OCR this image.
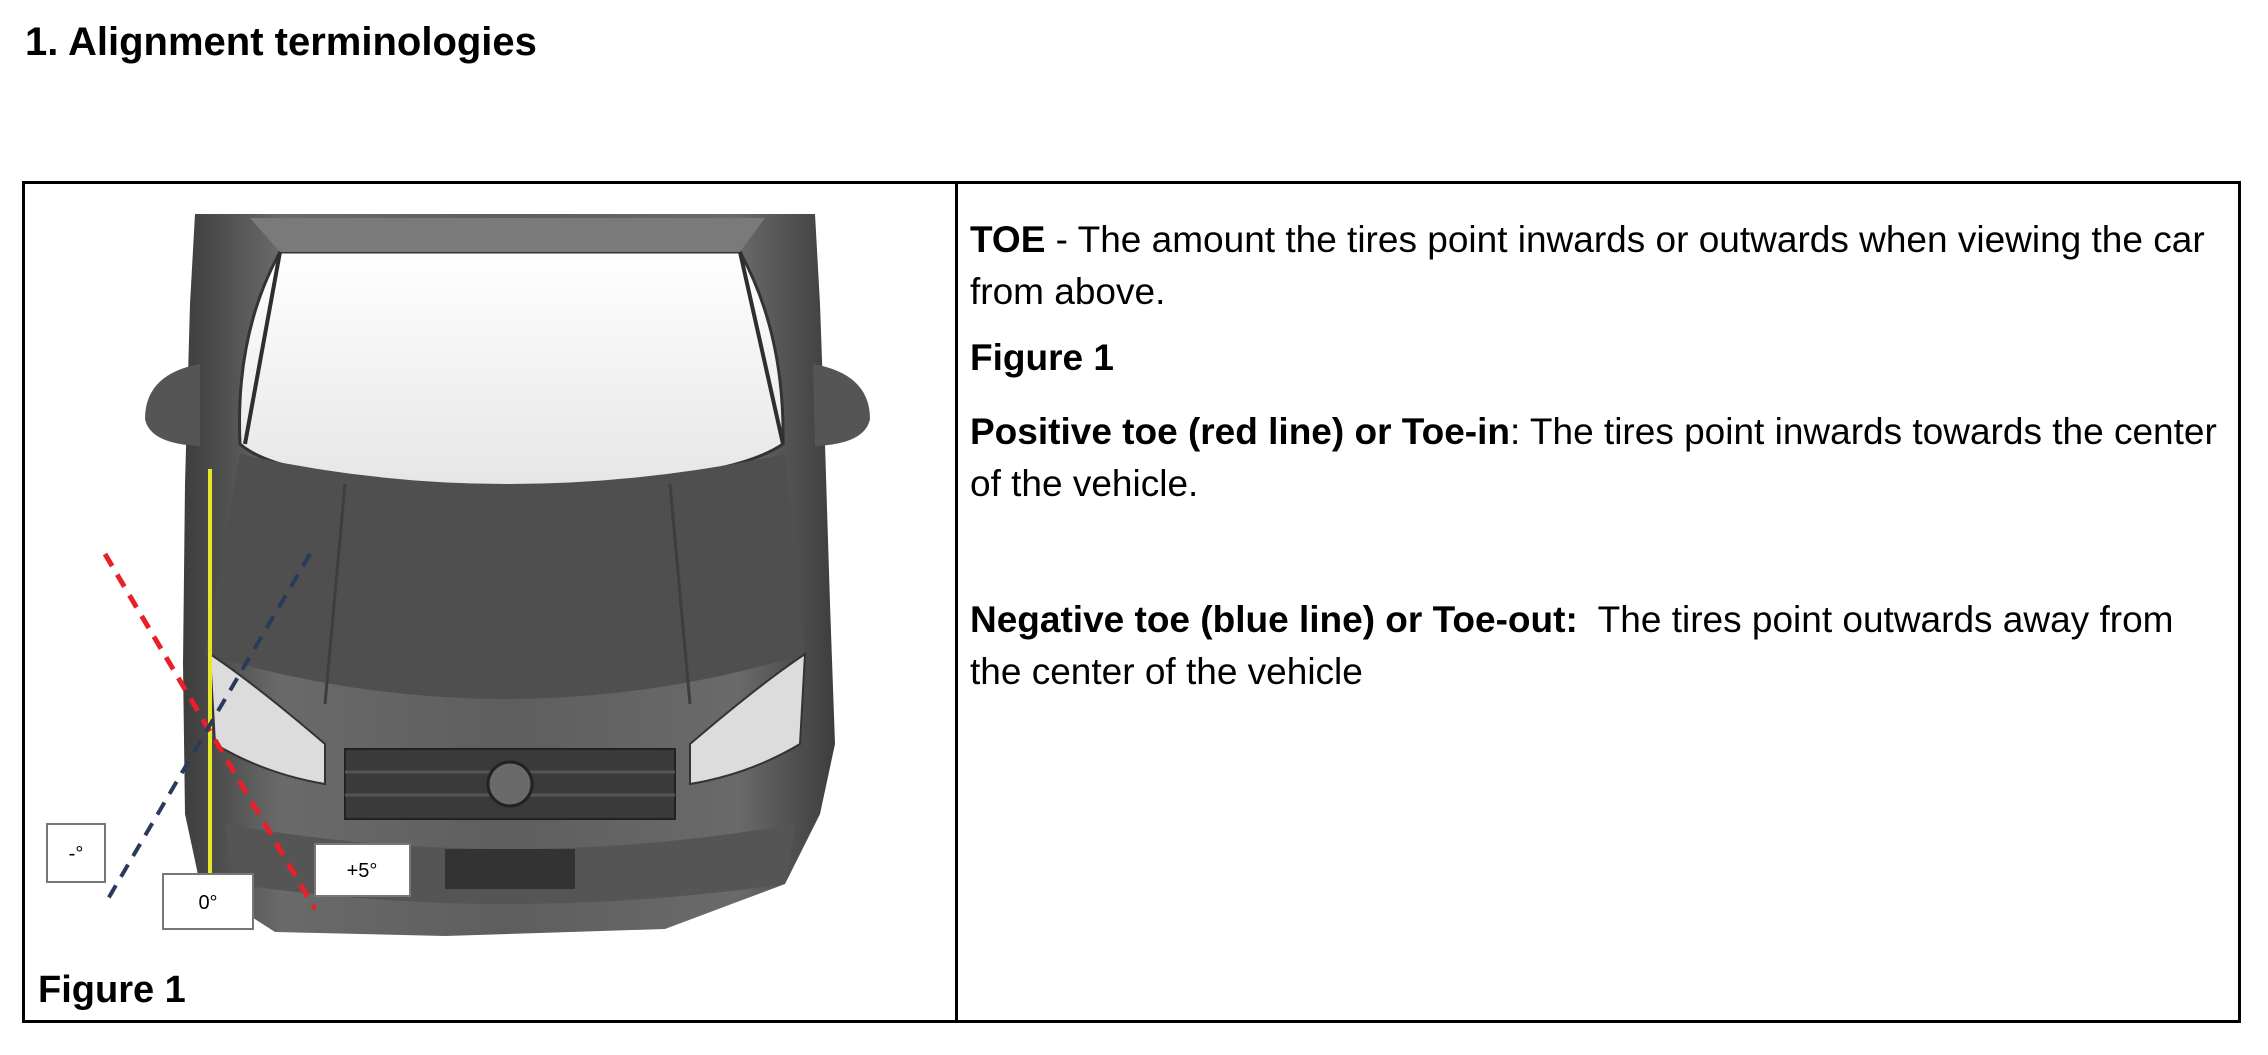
1. Alignment terminologies
-°
0°
+5°
Figure 1
TOE - The amount the tires point inwards or outwards when viewing the car from above.
Figure 1
Positive toe (red line) or Toe-in: The tires point inwards towards the center of the vehicle.
Negative toe (blue line) or Toe-out:  The tires point outwards away from the center of the vehicle
